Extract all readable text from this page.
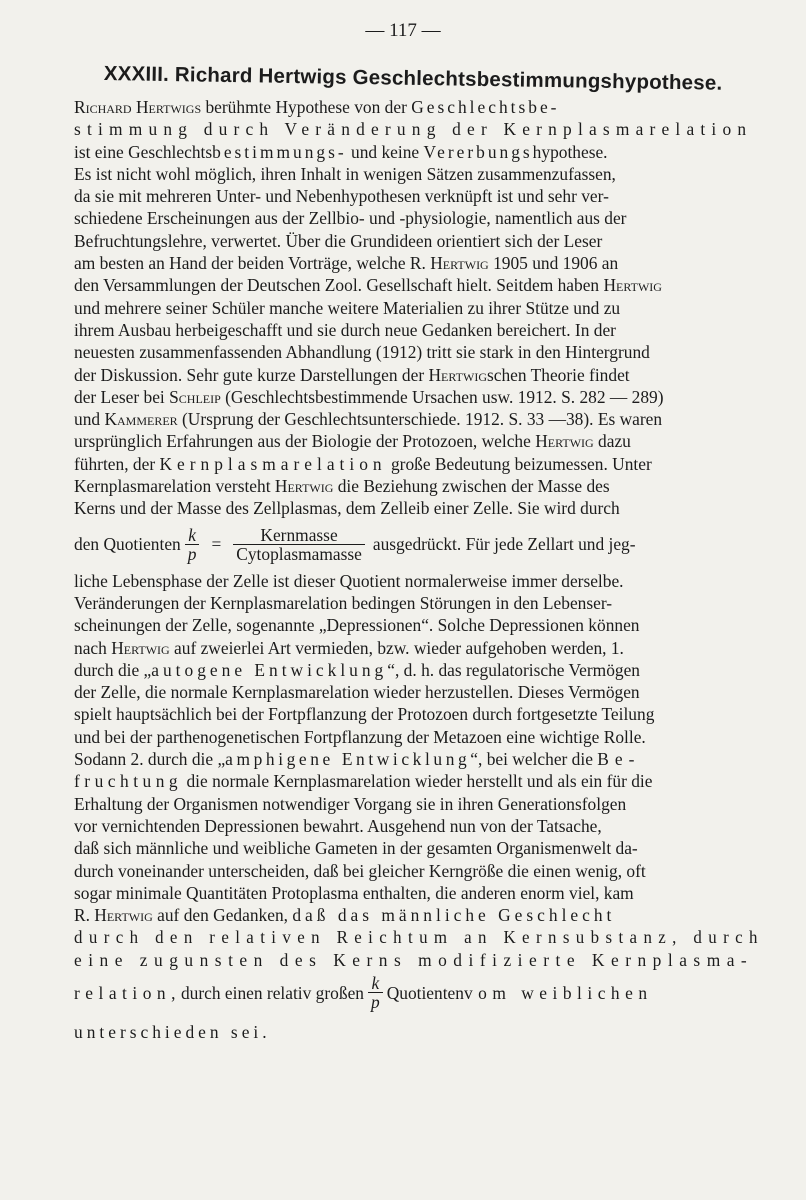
— 117 —
XXXIII. Richard Hertwigs Geschlechtsbestimmungshypothese.
Richard Hertwigs berühmte Hypothese von der Geschlechtsbe-
stimmung durch Veränderung der Kernplasmarelation
ist eine Geschlechtsbestimmungs- und keine Vererbungshypothese.
Es ist nicht wohl möglich, ihren Inhalt in wenigen Sätzen zusammenzufassen,
da sie mit mehreren Unter- und Nebenhypothesen verknüpft ist und sehr ver-
schiedene Erscheinungen aus der Zellbio- und -physiologie, namentlich aus der
Befruchtungslehre, verwertet. Über die Grundideen orientiert sich der Leser
am besten an Hand der beiden Vorträge, welche R. Hertwig 1905 und 1906 an
den Versammlungen der Deutschen Zool. Gesellschaft hielt. Seitdem haben Hertwig
und mehrere seiner Schüler manche weitere Materialien zu ihrer Stütze und zu
ihrem Ausbau herbeigeschafft und sie durch neue Gedanken bereichert. In der
neuesten zusammenfassenden Abhandlung (1912) tritt sie stark in den Hintergrund
der Diskussion. Sehr gute kurze Darstellungen der Hertwigschen Theorie findet
der Leser bei Schleip (Geschlechtsbestimmende Ursachen usw. 1912. S. 282 — 289)
und Kammerer (Ursprung der Geschlechtsunterschiede. 1912. S. 33 —38). Es waren
ursprünglich Erfahrungen aus der Biologie der Protozoen, welche Hertwig dazu
führten, der Kernplasmarelation große Bedeutung beizumessen. Unter
Kernplasmarelation versteht Hertwig die Beziehung zwischen der Masse des
Kerns und der Masse des Zellplasmas, dem Zelleib einer Zelle. Sie wird durch
den Quotienten $\frac{k}{p} = \frac{\text{Kernmasse}}{\text{Cytoplasmamasse}}$ ausgedrückt. Für jede Zellart und jeg-
liche Lebensphase der Zelle ist dieser Quotient normalerweise immer derselbe.
Veränderungen der Kernplasmarelation bedingen Störungen in den Lebenser-
scheinungen der Zelle, sogenannte „Depressionen“. Solche Depressionen können
nach Hertwig auf zweierlei Art vermieden, bzw. wieder aufgehoben werden, 1.
durch die „autogene Entwicklung“, d. h. das regulatorische Vermögen
der Zelle, die normale Kernplasmarelation wieder herzustellen. Dieses Vermögen
spielt hauptsächlich bei der Fortpflanzung der Protozoen durch fortgesetzte Teilung
und bei der parthenogenetischen Fortpflanzung der Metazoen eine wichtige Rolle.
Sodann 2. durch die „amphigene Entwicklung“, bei welcher die Be-
fruchtung die normale Kernplasmarelation wieder herstellt und als ein für die
Erhaltung der Organismen notwendiger Vorgang sie in ihren Generationsfolgen
vor vernichtenden Depressionen bewahrt. Ausgehend nun von der Tatsache,
daß sich männliche und weibliche Gameten in der gesamten Organismenwelt da-
durch voneinander unterscheiden, daß bei gleicher Kerngröße die einen wenig, oft
sogar minimale Quantitäten Protoplasma enthalten, die anderen enorm viel, kam
R. Hertwig auf den Gedanken, daß das männliche Geschlecht
durch den relativen Reichtum an Kernsubstanz, durch
eine zugunsten des Kerns modifizierte Kernplasma-
relation, durch einen relativ großen $\frac{k}{p}$ Quotienten vom weiblichen
unterschieden sei.
